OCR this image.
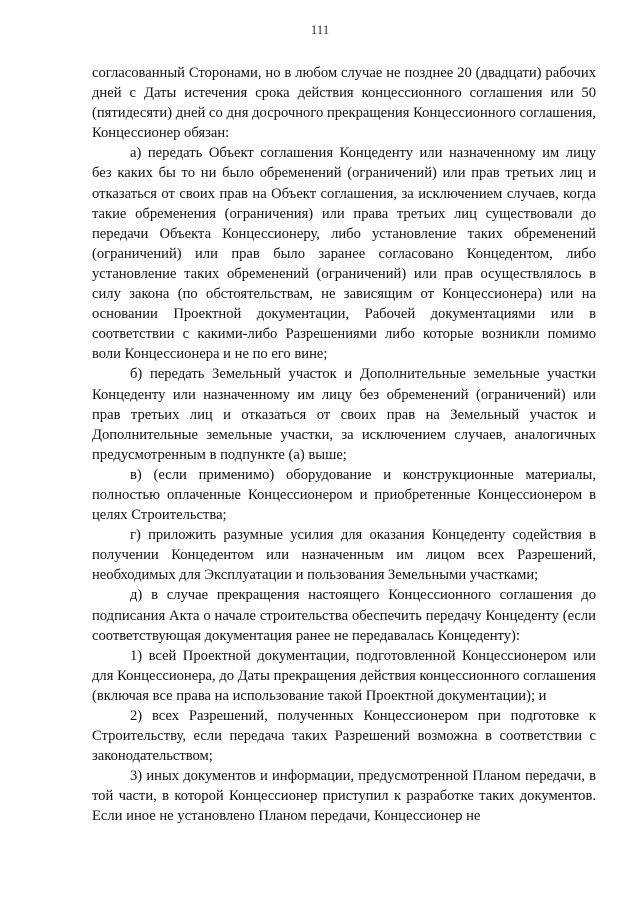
111

согласованный Сторонами, но в любом случае не позднее 20 (двадцати) рабочих дней с Даты истечения срока действия концессионного соглашения или 50 (пятидесяти) дней со дня досрочного прекращения Концессионного соглашения, Концессионер обязан:

а) передать Объект соглашения Концеденту или назначенному им лицу без каких бы то ни было обременений (ограничений) или прав третьих лиц и отказаться от своих прав на Объект соглашения, за исключением случаев, когда такие обременения (ограничения) или права третьих лиц существовали до передачи Объекта Концессионеру, либо установление таких обременений (ограничений) или прав было заранее согласовано Концедентом, либо установление таких обременений (ограничений) или прав осуществлялось в силу закона (по обстоятельствам, не зависящим от Концессионера) или на основании Проектной документации, Рабочей документациями или в соответствии с какими-либо Разрешениями либо которые возникли помимо воли Концессионера и не по его вине;

б) передать Земельный участок и Дополнительные земельные участки Концеденту или назначенному им лицу без обременений (ограничений) или прав третьих лиц и отказаться от своих прав на Земельный участок и Дополнительные земельные участки, за исключением случаев, аналогичных предусмотренным в подпункте (а) выше;

в) (если применимо) оборудование и конструкционные материалы, полностью оплаченные Концессионером и приобретенные Концессионером в целях Строительства;

г) приложить разумные усилия для оказания Концеденту содействия в получении Концедентом или назначенным им лицом всех Разрешений, необходимых для Эксплуатации и пользования Земельными участками;

д) в случае прекращения настоящего Концессионного соглашения до подписания Акта о начале строительства обеспечить передачу Концеденту (если соответствующая документация ранее не передавалась Концеденту):

1) всей Проектной документации, подготовленной Концессионером или для Концессионера, до Даты прекращения действия концессионного соглашения (включая все права на использование такой Проектной документации); и

2) всех Разрешений, полученных Концессионером при подготовке к Строительству, если передача таких Разрешений возможна в соответствии с законодательством;

3) иных документов и информации, предусмотренной Планом передачи, в той части, в которой Концессионер приступил к разработке таких документов. Если иное не установлено Планом передачи, Концессионер не
